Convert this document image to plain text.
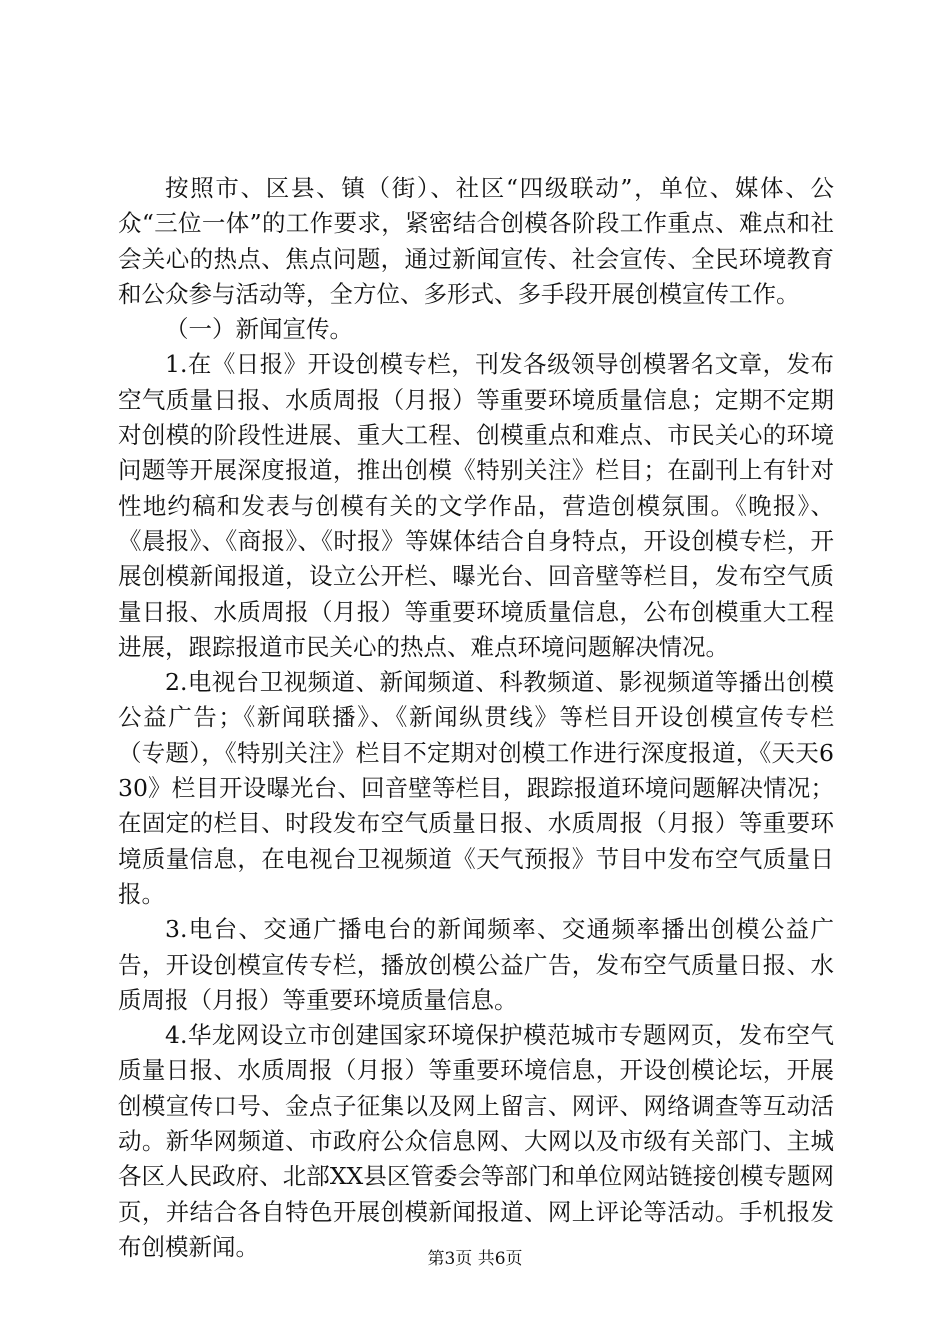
按照市、区县、镇（街）、社区“四级联动”，单位、媒体、公众“三位一体”的工作要求，紧密结合创模各阶段工作重点、难点和社会关心的热点、焦点问题，通过新闻宣传、社会宣传、全民环境教育和公众参与活动等，全方位、多形式、多手段开展创模宣传工作。

（一）新闻宣传。

1.在《日报》开设创模专栏，刊发各级领导创模署名文章，发布空气质量日报、水质周报（月报）等重要环境质量信息；定期不定期对创模的阶段性进展、重大工程、创模重点和难点、市民关心的环境问题等开展深度报道，推出创模《特别关注》栏目；在副刊上有针对性地约稿和发表与创模有关的文学作品，营造创模氛围。《晚报》、《晨报》、《商报》、《时报》等媒体结合自身特点，开设创模专栏，开展创模新闻报道，设立公开栏、曝光台、回音壁等栏目，发布空气质量日报、水质周报（月报）等重要环境质量信息，公布创模重大工程进展，跟踪报道市民关心的热点、难点环境问题解决情况。

2.电视台卫视频道、新闻频道、科教频道、影视频道等播出创模公益广告；《新闻联播》、《新闻纵贯线》等栏目开设创模宣传专栏（专题），《特别关注》栏目不定期对创模工作进行深度报道，《天天630》栏目开设曝光台、回音壁等栏目，跟踪报道环境问题解决情况；在固定的栏目、时段发布空气质量日报、水质周报（月报）等重要环境质量信息，在电视台卫视频道《天气预报》节目中发布空气质量日报。

3.电台、交通广播电台的新闻频率、交通频率播出创模公益广告，开设创模宣传专栏，播放创模公益广告，发布空气质量日报、水质周报（月报）等重要环境质量信息。

4.华龙网设立市创建国家环境保护模范城市专题网页，发布空气质量日报、水质周报（月报）等重要环境信息，开设创模论坛，开展创模宣传口号、金点子征集以及网上留言、网评、网络调查等互动活动。新华网频道、市政府公众信息网、大网以及市级有关部门、主城各区人民政府、北部XX县区管委会等部门和单位网站链接创模专题网页，并结合各自特色开展创模新闻报道、网上评论等活动。手机报发布创模新闻。	第3页 共6页
